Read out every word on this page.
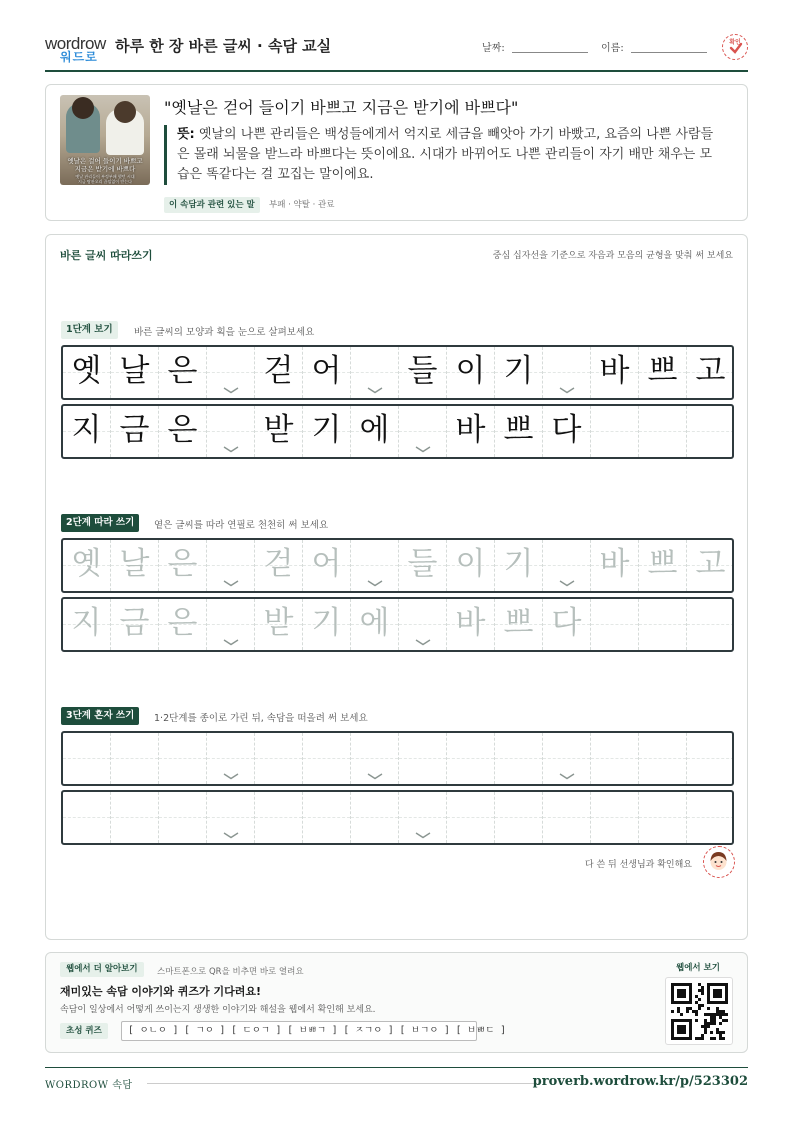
wordrow
워드로
하루 한 장 바른 글씨 · 속담 교실	날짜:	이름:
확인
옛날은 걸어 들이기 바쁘고
지금은 받기에 바쁘다
옛날 관리들이 부정부패 했던 시대
지금 탐관오리 끊임없이 받는다
"옛날은 걷어 들이기 바쁘고 지금은 받기에 바쁘다"
뜻: 옛날의 나쁜 관리들은 백성들에게서 억지로 세금을 빼앗아 가기 바빴고, 요즘의 나쁜 사람들은 몰래 뇌물을 받느라 바쁘다는 뜻이에요. 시대가 바뀌어도 나쁜 관리들이 자기 배만 채우는 모습은 똑같다는 걸 꼬집는 말이에요.
이 속담과 관련 있는 말	부패 · 약탈 · 관료
바른 글씨 따라쓰기	중심 십자선을 기준으로 자음과 모음의 균형을 맞춰 써 보세요
1단계 보기	바른 글씨의 모양과 획을 눈으로 살펴보세요
옛 날 은 걷 어 들 이 기 바 쁘 고
지 금 은 받 기 에 바 쁘 다
2단계 따라 쓰기	옅은 글씨를 따라 연필로 천천히 써 보세요
옛 날 은 걷 어 들 이 기 바 쁘 고
지 금 은 받 기 에 바 쁘 다
3단계 혼자 쓰기	1·2단계를 종이로 가린 뒤, 속담을 떠올려 써 보세요
다 쓴 뒤 선생님과 확인해요
웹에서 더 알아보기	스마트폰으로 QR을 비추면 바로 열려요
재미있는 속담 이야기와 퀴즈가 기다려요!
속담이 일상에서 어떻게 쓰이는지 생생한 이야기와 해설을 웹에서 확인해 보세요.
초성 퀴즈	[ ㅇㄴㅇ ] [ ㄱㅇ ] [ ㄷㅇㄱ ] [ ㅂㅃㄱ ] [ ㅈㄱㅇ ] [ ㅂㄱㅇ ] [ ㅂㅃㄷ ]
웹에서 보기
WORDROW 속담	proverb.wordrow.kr/p/523302
